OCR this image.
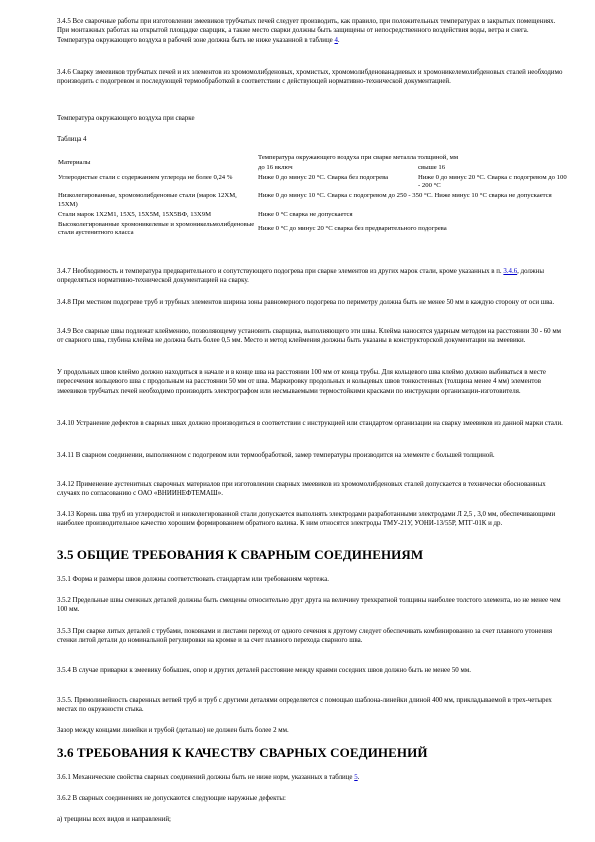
3.4.5 Все сварочные работы при изготовлении змеевиков трубчатых печей следует производить, как правило, при положительных температурах в закрытых помещениях. При монтажных работах на открытой площадке сварщик, а также место сварки должны быть защищены от непосредственного воздействия воды, ветра и снега. Температура окружающего воздуха в рабочей зоне должна быть не ниже указанной в таблице 4.
3.4.6 Сварку змеевиков трубчатых печей и их элементов из хромомолибденовых, хромистых, хромомолибденованадиевых и хромоникелемолибденовых сталей необходимо производить с подогревом и последующей термообработкой в соответствии с действующей нормативно-технической документацией.
Температура окружающего воздуха при сварке
Таблица 4
Материалы	Температура окружающего воздуха при сварке металла толщиной, мм	
	до 16 включ	свыше 16
Углеродистые стали с содержанием углерода не более 0,24 %	Ниже 0 до минус 20 °С. Сварка без подогрева	Ниже 0 до минус 20 °С. Сварка с подогревом до 100 - 200 °С
Низколегированные, хромомолибденовые стали (марок 12ХМ, 15ХМ)	Ниже 0 до минус 10 °С. Сварка с подогревом до 250 - 350 °С. Ниже минус 10 °С сварка не допускается	
Стали марок 1Х2М1, 15Х5, 15Х5М, 15Х5ВФ, 13Х9М	Ниже 0 °С сварка не допускается	
Высоколегированные хромоникелевые и хромоникельмолибденовые стали аустенитного класса	Ниже 0 °С до минус 20 °С сварка без предварительного подогрева	
3.4.7 Необходимость и температура предварительного и сопутствующего подогрева при сварке элементов из других марок стали, кроме указанных в п. 3.4.6, должны определяться нормативно-технической документацией на сварку.
3.4.8 При местном подогреве труб и трубных элементов ширина зоны равномерного подогрева по периметру должна быть не менее 50 мм в каждую сторону от оси шва.
3.4.9 Все сварные швы подлежат клеймению, позволяющему установить сварщика, выполняющего эти швы. Клейма наносятся ударным методом на расстоянии 30 - 60 мм от сварного шва, глубина клейма не должна быть более 0,5 мм. Место и метод клеймения должны быть указаны в конструкторской документации на змеевики.
У продольных швов клеймо должно находиться в начале и в конце шва на расстоянии 100 мм от конца трубы. Для кольцевого шва клеймо должно выбиваться в месте пересечения кольцевого шва с продольным на расстоянии 50 мм от шва. Маркировку продольных и кольцевых швов тонкостенных (толщина менее 4 мм) элементов змеевиков трубчатых печей необходимо производить электрографом или несмываемыми термостойкими красками по инструкции организации-изготовителя.
3.4.10 Устранение дефектов в сварных швах должно производиться в соответствии с инструкцией или стандартом организации на сварку змеевиков из данной марки стали.
3.4.11 В сварном соединении, выполненном с подогревом или термообработкой, замер температуры производится на элементе с большей толщиной.
3.4.12 Применение аустенитных сварочных материалов при изготовлении сварных змеевиков из хромомолибденовых сталей допускается в технически обоснованных случаях по согласованию с ОАО «ВНИИНЕФТЕМАШ».
3.4.13 Корень шва труб из углеродистой и низколегированной стали допускается выполнять электродами разработанными электродами Л 2,5 , 3,0 мм, обеспечивающими наиболее производительное качество хорошим формированием обратного валика. К ним относятся электроды ТМУ-21У, УОНИ-13/55Р, МТГ-01К и др.
3.5 ОБЩИЕ ТРЕБОВАНИЯ К СВАРНЫМ СОЕДИНЕНИЯМ
3.5.1 Форма и размеры швов должны соответствовать стандартам или требованиям чертежа.
3.5.2 Предельные швы смежных деталей должны быть смещены относительно друг друга на величину трехкратной толщины наиболее толстого элемента, но не менее чем 100 мм.
3.5.3 При сварке литых деталей с трубами, поковками и листами переход от одного сечения к другому следует обеспечивать комбинированно за счет плавного утонения стенки литой детали до номинальной регулировки на кромке и за счет плавного перехода сварного шва.
3.5.4 В случае приварки к змеевику бобышек, опор и других деталей расстояние между краями соседних швов должно быть не менее 50 мм.
3.5.5. Прямолинейность сваренных ветвей труб и труб с другими деталями определяется с помощью шаблона-линейки длиной 400 мм, прикладываемой в трех-четырех местах по окружности стыка.
Зазор между концами линейки и трубой (деталью) не должен быть более 2 мм.
3.6 ТРЕБОВАНИЯ К КАЧЕСТВУ СВАРНЫХ СОЕДИНЕНИЙ
3.6.1 Механические свойства сварных соединений должны быть не ниже норм, указанных в таблице 5.
3.6.2 В сварных соединениях не допускаются следующие наружные дефекты:
а) трещины всех видов и направлений;
